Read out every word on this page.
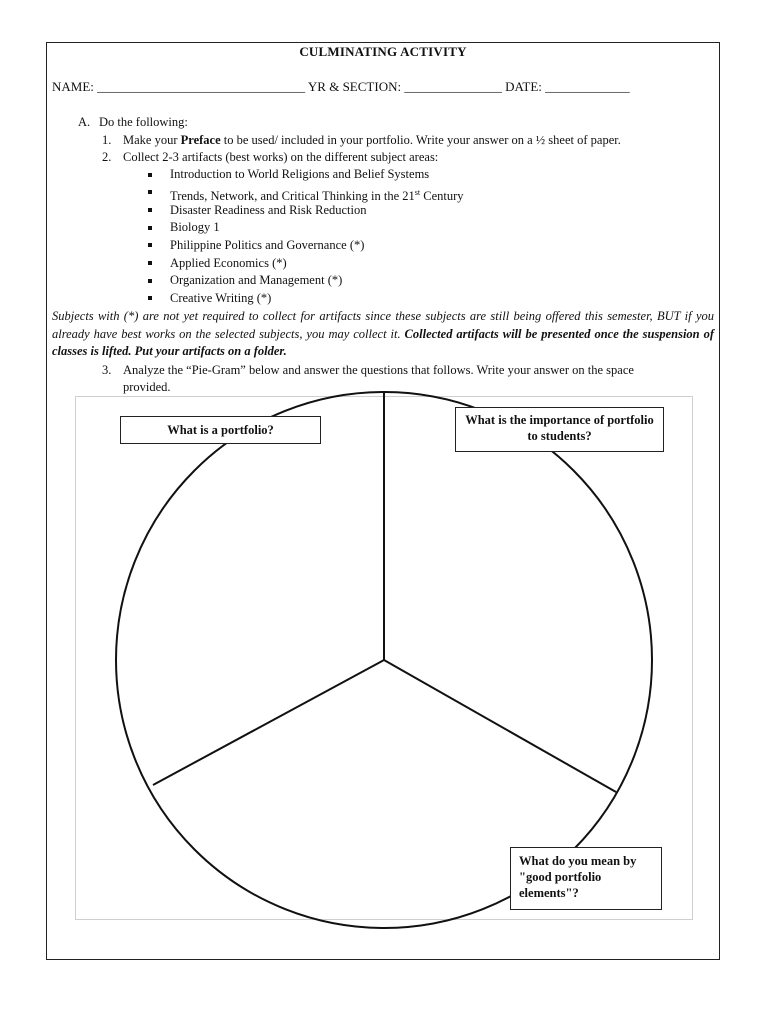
CULMINATING ACTIVITY
NAME: ________________________________ YR & SECTION: _______________ DATE: _____________
A. Do the following:
1. Make your Preface to be used/ included in your portfolio. Write your answer on a ½ sheet of paper.
2. Collect 2-3 artifacts (best works) on the different subject areas:
Introduction to World Religions and Belief Systems
Trends, Network, and Critical Thinking in the 21st Century
Disaster Readiness and Risk Reduction
Biology 1
Philippine Politics and Governance (*)
Applied Economics (*)
Organization and Management (*)
Creative Writing (*)
Subjects with (*) are not yet required to collect for artifacts since these subjects are still being offered this semester, BUT if you already have best works on the selected subjects, you may collect it. Collected artifacts will be presented once the suspension of classes is lifted. Put your artifacts on a folder.
3. Analyze the “Pie-Gram” below and answer the questions that follows. Write your answer on the space
provided.
What is a portfolio?
What is the importance of portfolio to students?
What do you mean by "good portfolio elements"?
